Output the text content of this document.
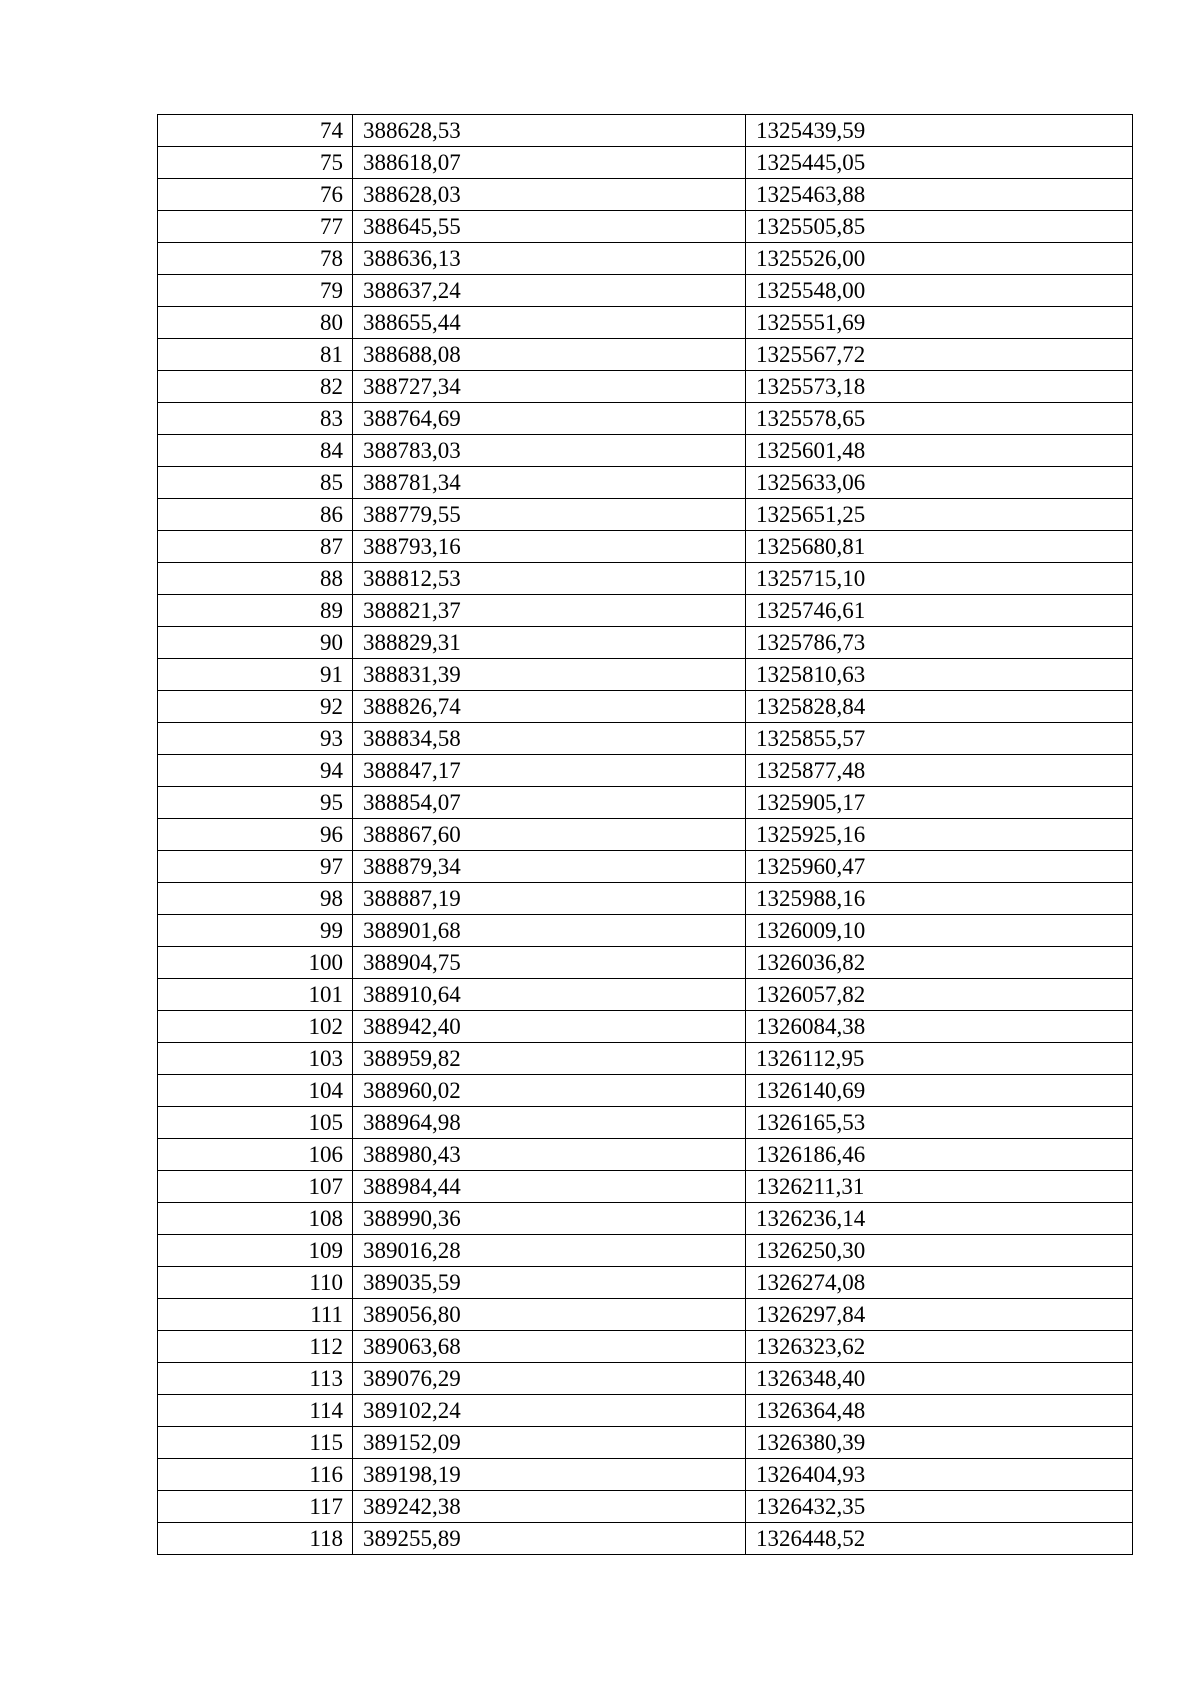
74	388628,53	1325439,59
75	388618,07	1325445,05
76	388628,03	1325463,88
77	388645,55	1325505,85
78	388636,13	1325526,00
79	388637,24	1325548,00
80	388655,44	1325551,69
81	388688,08	1325567,72
82	388727,34	1325573,18
83	388764,69	1325578,65
84	388783,03	1325601,48
85	388781,34	1325633,06
86	388779,55	1325651,25
87	388793,16	1325680,81
88	388812,53	1325715,10
89	388821,37	1325746,61
90	388829,31	1325786,73
91	388831,39	1325810,63
92	388826,74	1325828,84
93	388834,58	1325855,57
94	388847,17	1325877,48
95	388854,07	1325905,17
96	388867,60	1325925,16
97	388879,34	1325960,47
98	388887,19	1325988,16
99	388901,68	1326009,10
100	388904,75	1326036,82
101	388910,64	1326057,82
102	388942,40	1326084,38
103	388959,82	1326112,95
104	388960,02	1326140,69
105	388964,98	1326165,53
106	388980,43	1326186,46
107	388984,44	1326211,31
108	388990,36	1326236,14
109	389016,28	1326250,30
110	389035,59	1326274,08
111	389056,80	1326297,84
112	389063,68	1326323,62
113	389076,29	1326348,40
114	389102,24	1326364,48
115	389152,09	1326380,39
116	389198,19	1326404,93
117	389242,38	1326432,35
118	389255,89	1326448,52
